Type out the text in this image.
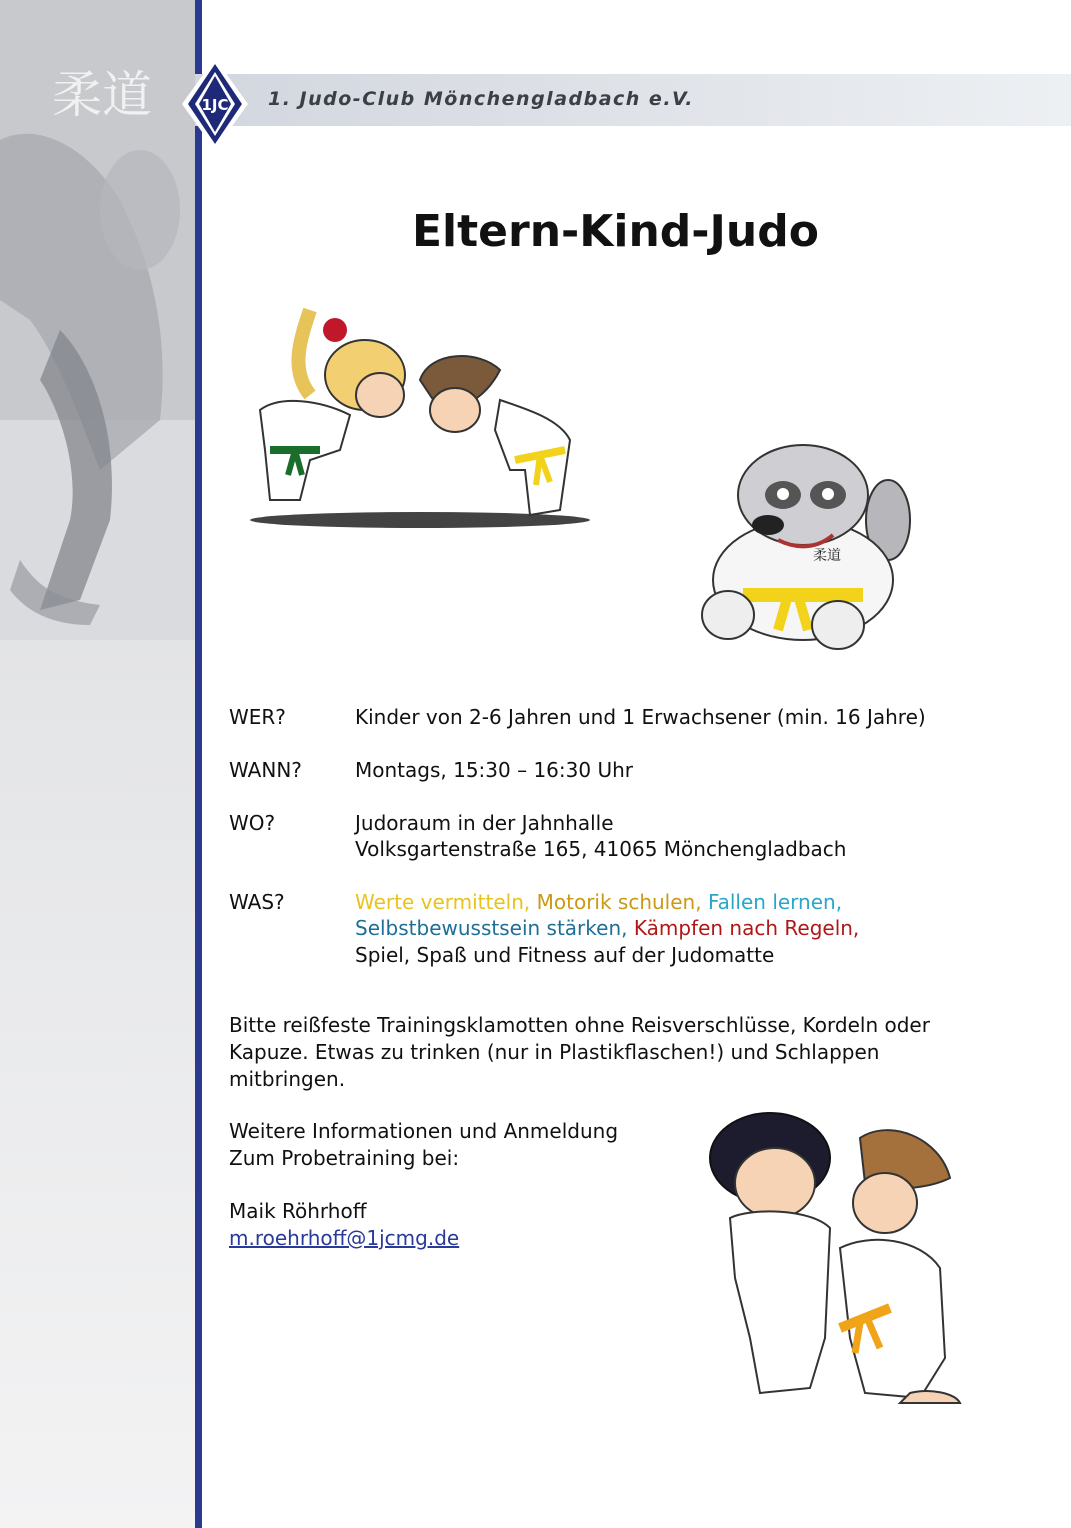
柔道	1JC 1. Judo-Club Mönchengladbach e.V.
Eltern-Kind-Judo
柔道
WER?	Kinder von 2-6 Jahren und 1 Erwachsener (min. 16 Jahre)
WANN?	Montags, 15:30 – 16:30 Uhr
WO?	Judoraum in der Jahnhalle
Volksgartenstraße 165, 41065 Mönchengladbach
WAS?	Werte vermitteln, Motorik schulen, Fallen lernen,
Selbstbewusstsein stärken, Kämpfen nach Regeln,
Spiel, Spaß und Fitness auf der Judomatte
Bitte reißfeste Trainingsklamotten ohne Reisverschlüsse, Kordeln oder
Kapuze. Etwas zu trinken (nur in Plastikflaschen!) und Schlappen
mitbringen.
Weitere Informationen und Anmeldung
Zum Probetraining bei:
Maik Röhrhoff
m.roehrhoff@1jcmg.de
